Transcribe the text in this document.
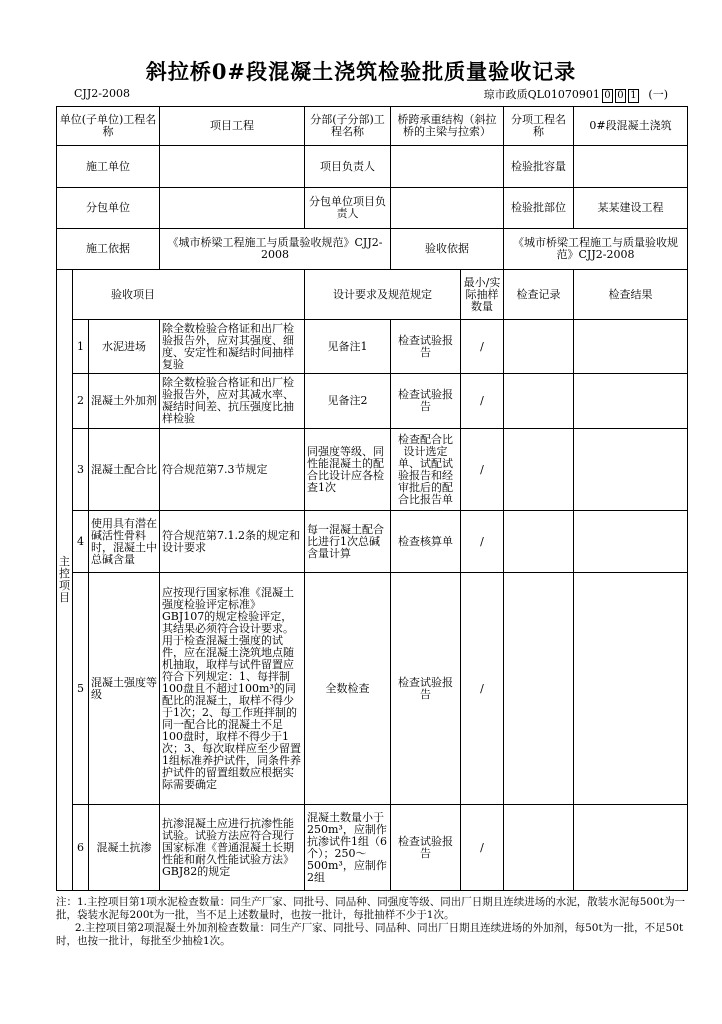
斜拉桥0#段混凝土浇筑检验批质量验收记录
CJJ2-2008	琼市政质QL01070901 0 0 1 (一)
单位(子单位)工程名称			项目工程	分部(子分部)工程名称	桥跨承重结构（斜拉桥的主梁与拉索）		分项工程名称	0#段混凝土浇筑
施工单位				项目负责人			检验批容量	
分包单位				分包单位项目负责人			检验批部位	某某建设工程
施工依据			《城市桥梁工程施工与质量验收规范》CJJ2-2008		验收依据		《城市桥梁工程施工与质量验收规范》CJJ2-2008	
主
控
项
目	验收项目			设计要求及规范规定		最小/实际抽样数量	检查记录	检查结果
	1	水泥进场	除全数检验合格证和出厂检验报告外，应对其强度、细度、安定性和凝结时间抽样复验	见备注1	检查试验报告	/		
	2	混凝土外加剂	除全数检验合格证和出厂检验报告外，应对其减水率、凝结时间差、抗压强度比抽样检验	见备注2	检查试验报告	/		
	3	混凝土配合比	符合规范第7.3节规定	同强度等级、同性能混凝土的配合比设计应各检查1次	检查配合比设计选定单、试配试验报告和经审批后的配合比报告单	/		
	4	使用具有潜在碱活性骨料时，混凝土中总碱含量	符合规范第7.1.2条的规定和设计要求	每一混凝土配合比进行1次总碱含量计算	检查核算单	/		
	5	混凝土强度等级	应按现行国家标准《混凝土强度检验评定标准》GBJ107的规定检验评定，其结果必须符合设计要求。用于检查混凝土强度的试件，应在混凝土浇筑地点随机抽取，取样与试件留置应符合下列规定：1、每拌制100盘且不超过100m³的同配比的混凝土，取样不得少于1次；2、每工作班拌制的同一配合比的混凝土不足100盘时，取样不得少于1次；3、每次取样应至少留置1组标准养护试件，同条件养护试件的留置组数应根据实际需要确定	全数检查	检查试验报告	/		
	6	混凝土抗渗	抗渗混凝土应进行抗渗性能试验。试验方法应符合现行国家标准《普通混凝土长期性能和耐久性能试验方法》GBJ82的规定	混凝土数量小于250m³，应制作抗渗试件1组（6个）；250～500m³，应制作2组	检查试验报告	/		

注：1.主控项目第1项水泥检查数量：同生产厂家、同批号、同品种、同强度等级、同出厂日期且连续进场的水泥，散装水泥每500t为一批，袋装水泥每200t为一批，当不足上述数量时，也按一批计，每批抽样不少于1次。

2.主控项目第2项混凝土外加剂检查数量：同生产厂家、同批号、同品种、同出厂日期且连续进场的外加剂，每50t为一批，不足50t时，也按一批计，每批至少抽检1次。
